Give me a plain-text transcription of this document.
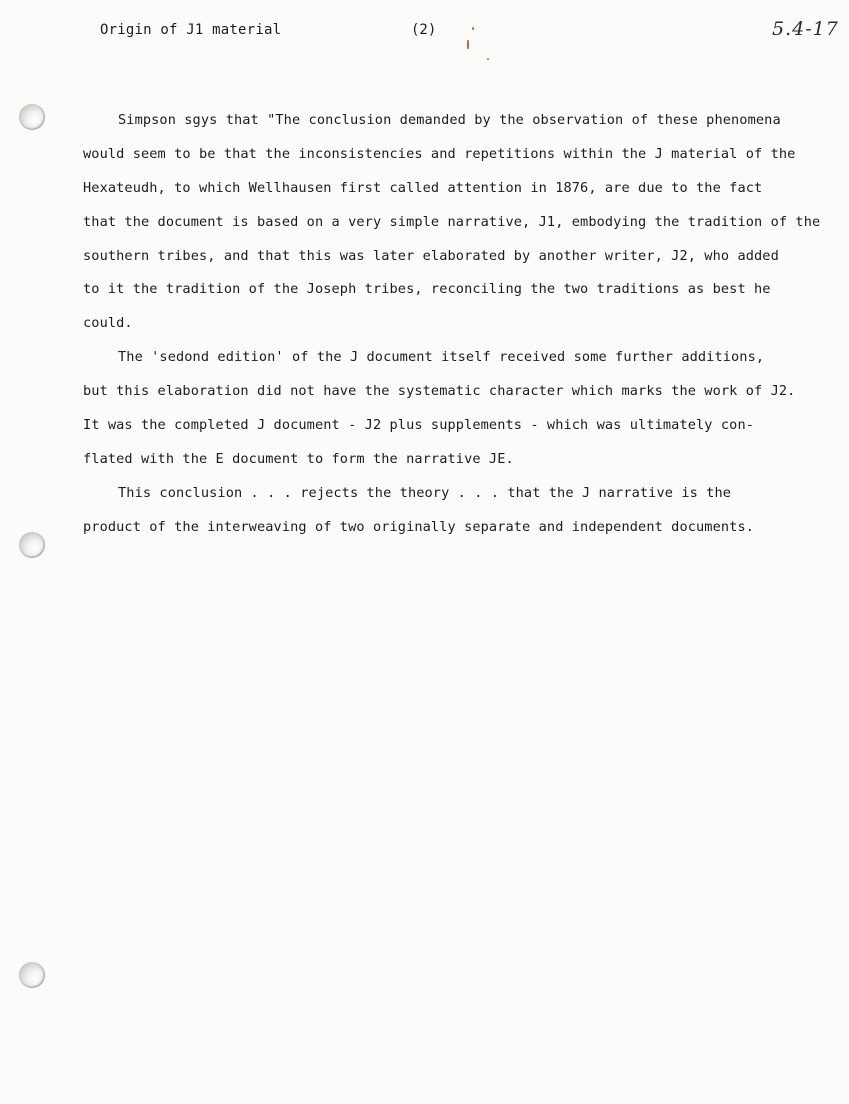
Origin of J1 material	(2)	5.4-17
Simpson sgys that "The conclusion demanded by the observation of these phenomena
would seem to be that the inconsistencies and repetitions within the J material of the
Hexateudh, to which Wellhausen first called attention in 1876, are due to the fact
that the document is based on a very simple narrative, J1, embodying the tradition of the
southern tribes, and that this was later elaborated by another writer, J2, who added
to it the tradition of the Joseph tribes, reconciling the two traditions as best he
could.
The 'sedond edition' of the J document itself received some further additions,
but this elaboration did not have the systematic character which marks the work of J2.
It was the completed J document - J2 plus supplements - which was ultimately con-
flated with the E document to form the narrative JE.
This conclusion . . . rejects the theory . . . that the J narrative is the
product of the interweaving of two originally separate and independent documents.
